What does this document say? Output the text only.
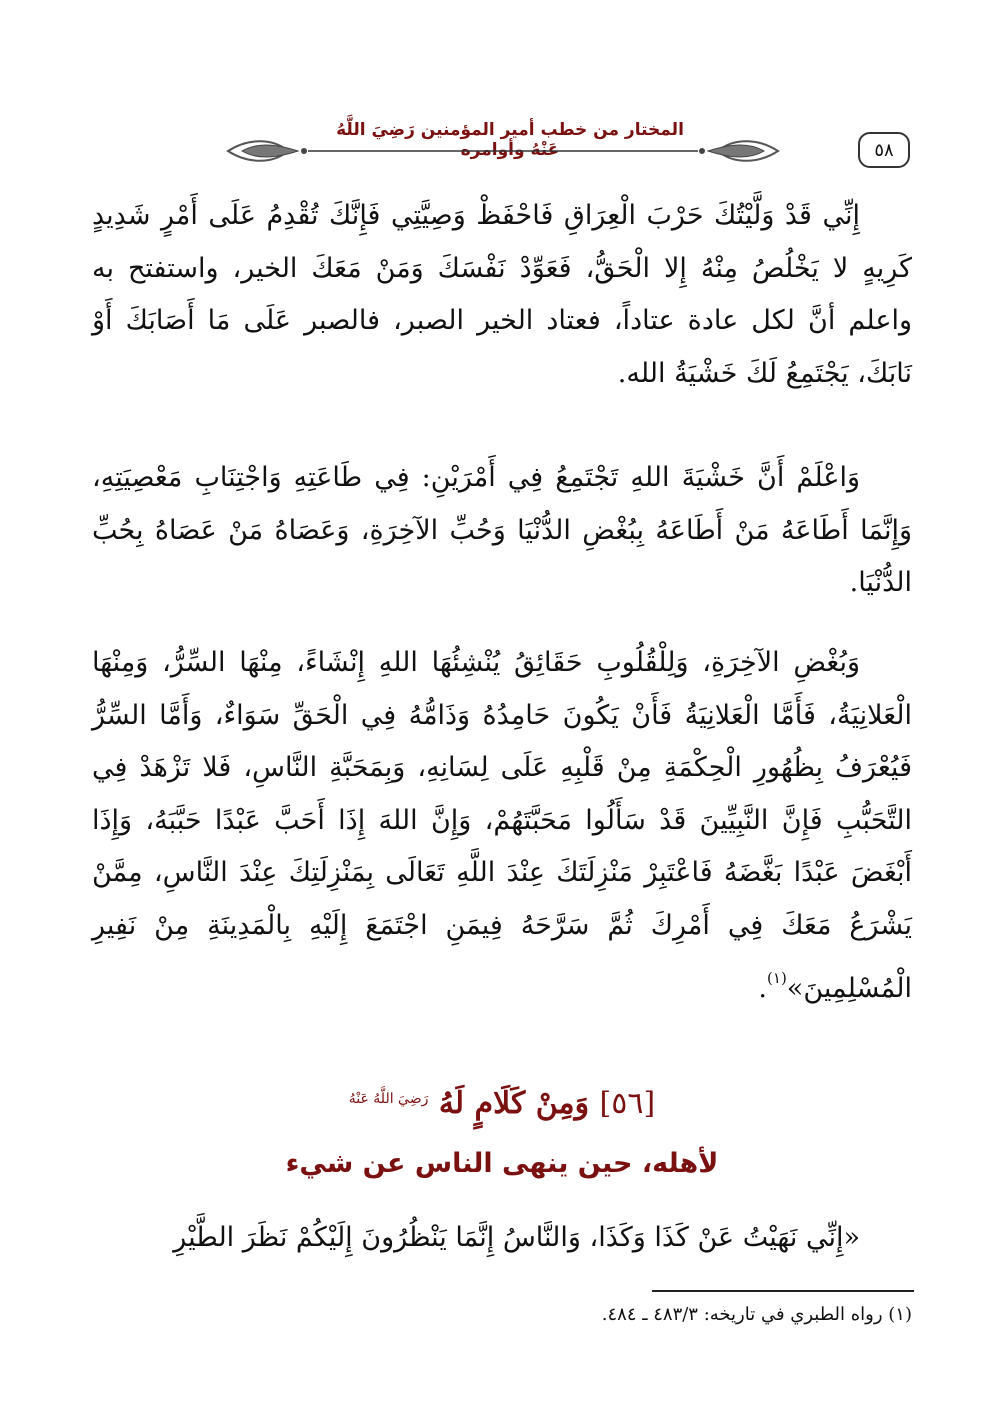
٥٨
المختار من خطب أمير المؤمنين رَضِيَ اللَّهُ عَنْهُ وأوامره

إِنِّي قَدْ وَلَّيْتُكَ حَرْبَ الْعِرَاقِ فَاحْفَظْ وَصِيَّتِي فَإِنَّكَ تُقْدِمُ عَلَى أَمْرٍ شَدِيدٍ كَرِيهٍ لا يَخْلُصُ مِنْهُ إِلا الْحَقُّ، فَعَوِّدْ نَفْسَكَ وَمَنْ مَعَكَ الخير، واستفتح به واعلم أنَّ لكل عادة عتاداً، فعتاد الخير الصبر، فالصبر عَلَى مَا أَصَابَكَ أَوْ نَابَكَ، يَجْتَمِعُ لَكَ خَشْيَةُ الله.

وَاعْلَمْ أَنَّ خَشْيَةَ اللهِ تَجْتَمِعُ فِي أَمْرَيْنِ: فِي طَاعَتِهِ وَاجْتِنَابِ مَعْصِيَتِهِ، وَإِنَّمَا أَطَاعَهُ مَنْ أَطَاعَهُ بِبُغْضِ الدُّنْيَا وَحُبِّ الآخِرَةِ، وَعَصَاهُ مَنْ عَصَاهُ بِحُبِّ الدُّنْيَا.

وَبُغْضِ الآخِرَةِ، وَلِلْقُلُوبِ حَقَائِقُ يُنْشِئُهَا اللهِ إِنْشَاءً، مِنْهَا السِّرُّ، وَمِنْهَا الْعَلانِيَةُ، فَأَمَّا الْعَلانِيَةُ فَأَنْ يَكُونَ حَامِدُهُ وَذَامُّهُ فِي الْحَقِّ سَوَاءٌ، وَأَمَّا السِّرُّ فَيُعْرَفُ بِظُهُورِ الْحِكْمَةِ مِنْ قَلْبِهِ عَلَى لِسَانِهِ، وَبِمَحَبَّةِ النَّاسِ، فَلا تَزْهَدْ فِي التَّحَبُّبِ فَإِنَّ النَّبِيِّينَ قَدْ سَأَلُوا مَحَبَّتَهُمْ، وَإِنَّ اللهَ إِذَا أَحَبَّ عَبْدًا حَبَّبَهُ، وَإِذَا أَبْغَضَ عَبْدًا بَغَّضَهُ فَاعْتَبِرْ مَنْزِلَتَكَ عِنْدَ اللَّهِ تَعَالَى بِمَنْزِلَتِكَ عِنْدَ النَّاسِ، مِمَّنْ يَشْرَعُ مَعَكَ فِي أَمْرِكَ ثُمَّ سَرَّحَهُ فِيمَنِ اجْتَمَعَ إِلَيْهِ بِالْمَدِينَةِ مِنْ نَفِيرِ الْمُسْلِمِينَ»$^{(١)}$.

[٥٦] وَمِنْ كَلَامٍ لَهُ $^{رَضِيَ اللَّهُ عَنْهُ}$
لأهله، حين ينهى الناس عن شيء

«إِنِّي نَهَيْتُ عَنْ كَذَا وَكَذَا، وَالنَّاسُ إِنَّمَا يَنْظُرُونَ إِلَيْكُمْ نَظَرَ الطَّيْرِ

(١) رواه الطبري في تاريخه: ٤٨٣/٣ ـ ٤٨٤.
